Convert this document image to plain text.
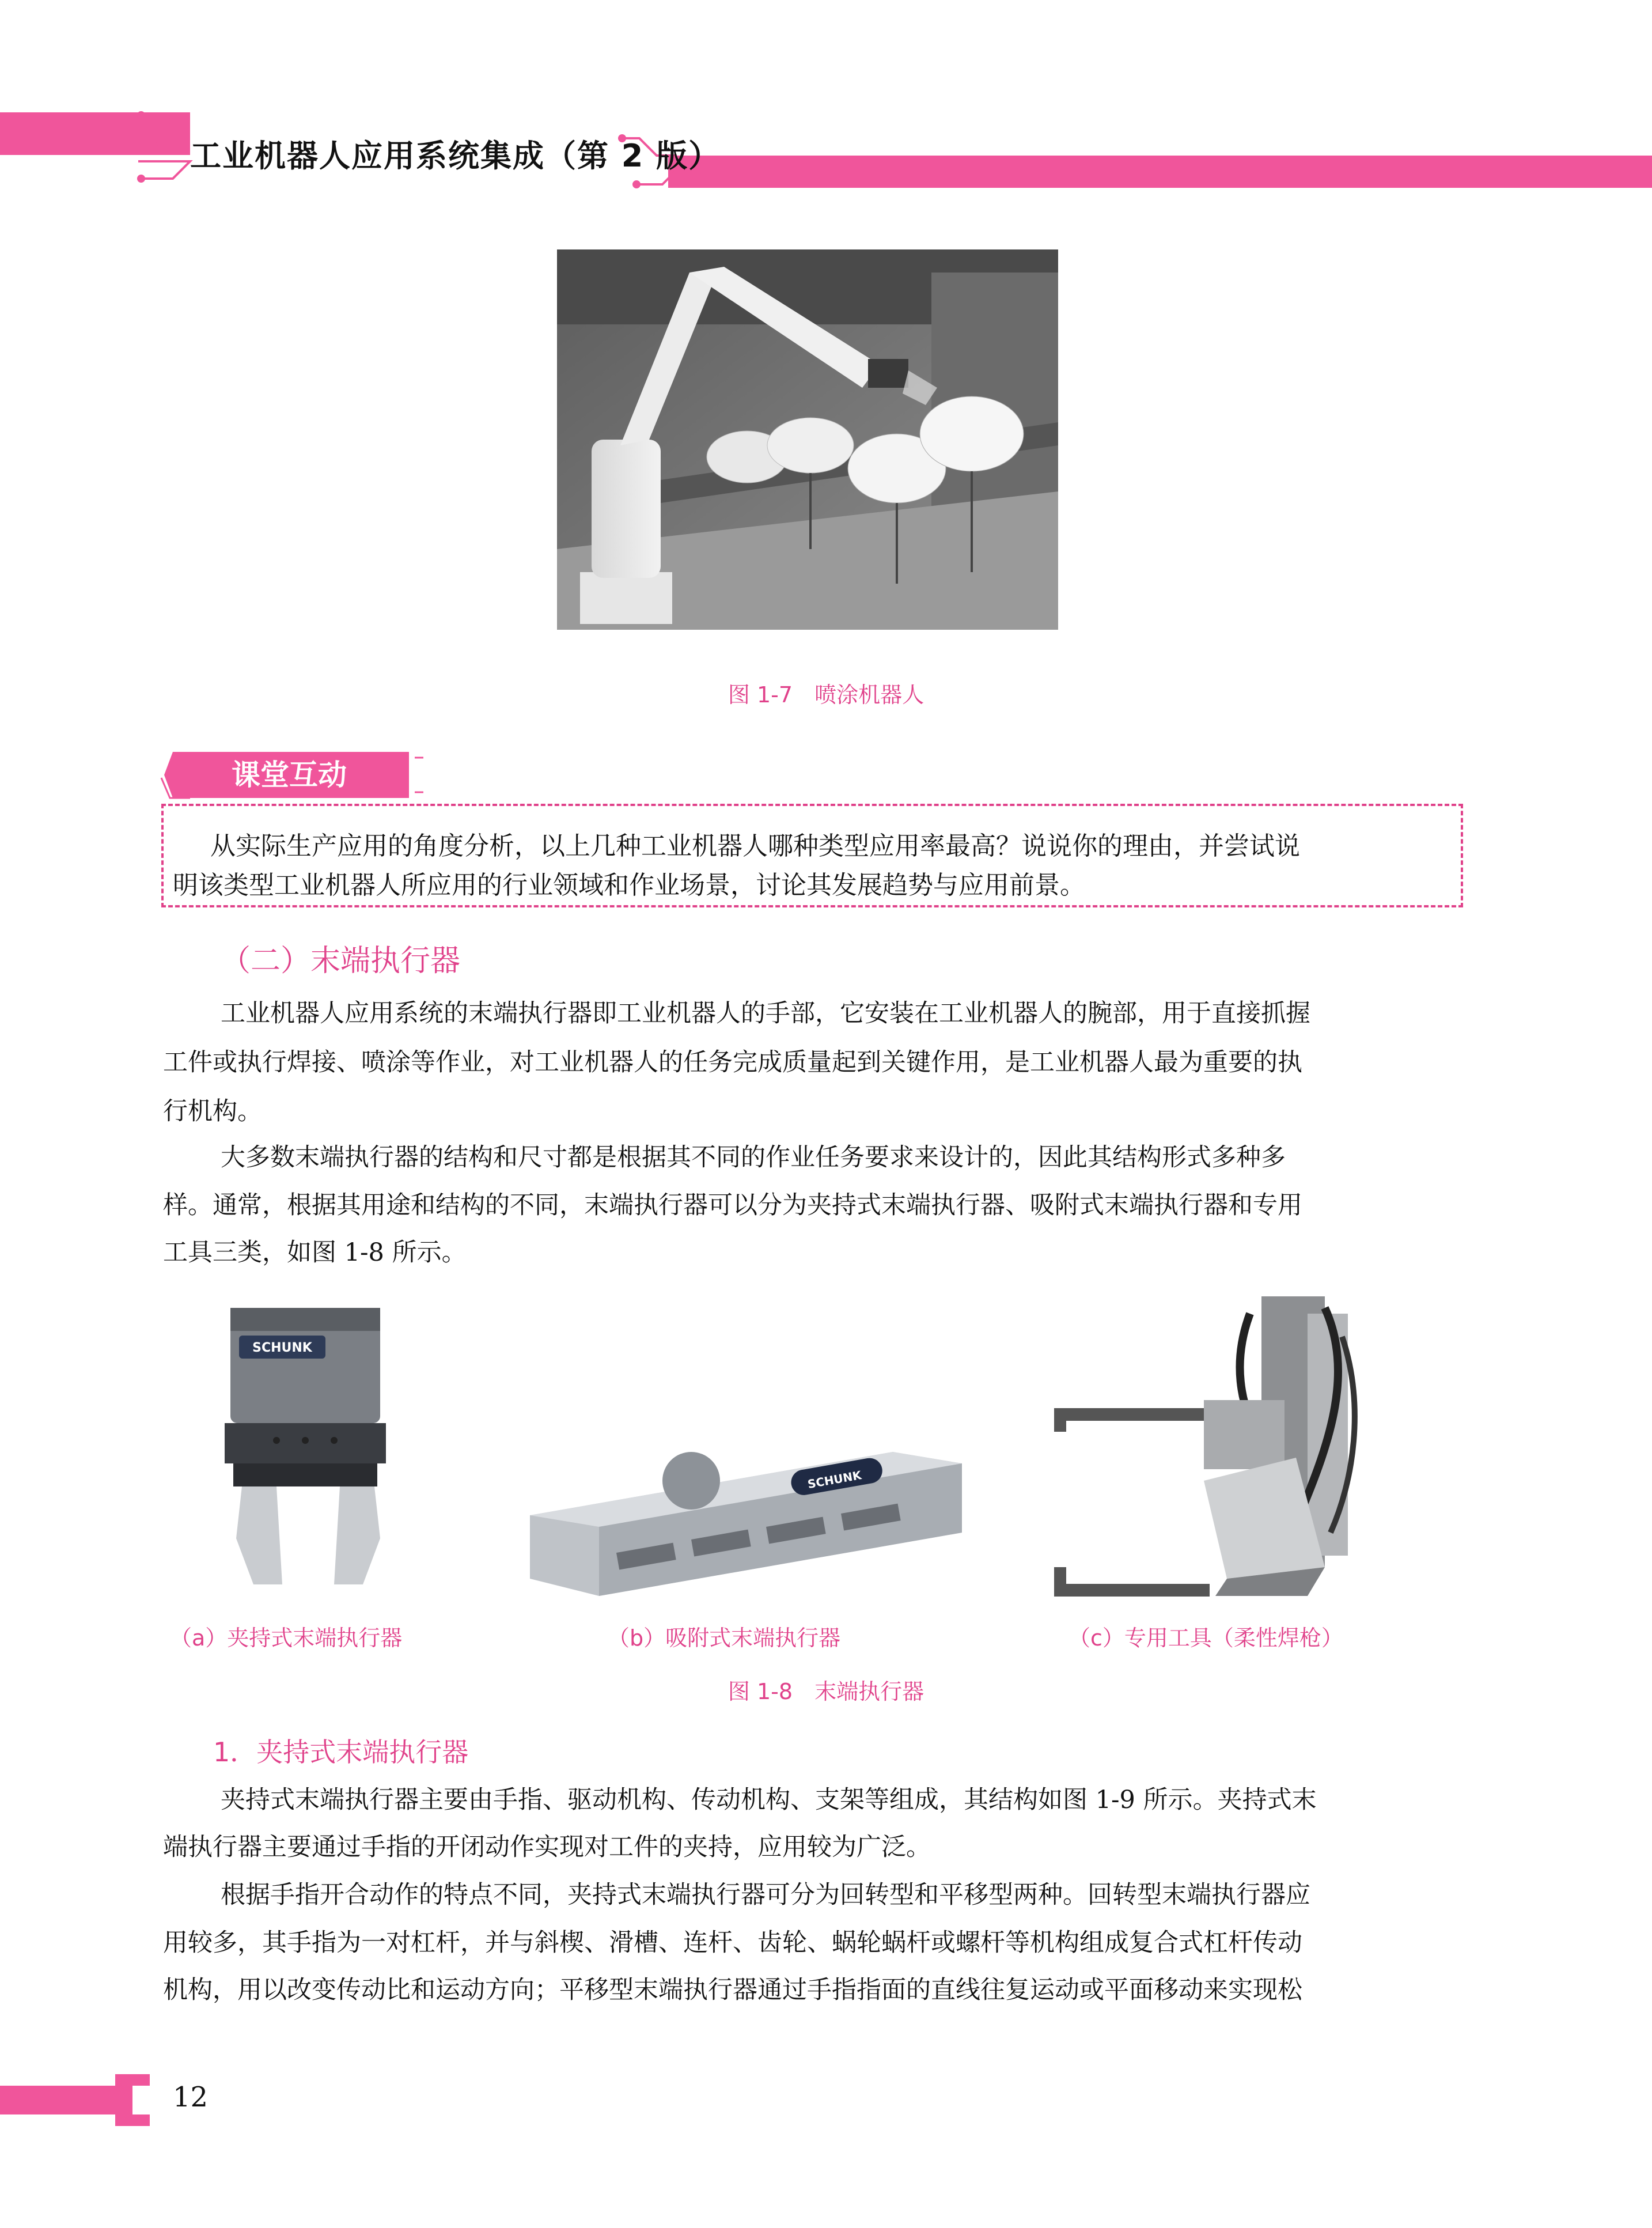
工业机器人应用系统集成（第 2 版）
图 1-7　喷涂机器人
课堂互动
从实际生产应用的角度分析，以上几种工业机器人哪种类型应用率最高？说说你的理由，并尝试说
明该类型工业机器人所应用的行业领域和作业场景，讨论其发展趋势与应用前景。
（二）末端执行器
工业机器人应用系统的末端执行器即工业机器人的手部，它安装在工业机器人的腕部，用于直接抓握
工件或执行焊接、喷涂等作业，对工业机器人的任务完成质量起到关键作用，是工业机器人最为重要的执
行机构。
大多数末端执行器的结构和尺寸都是根据其不同的作业任务要求来设计的，因此其结构形式多种多
样。通常，根据其用途和结构的不同，末端执行器可以分为夹持式末端执行器、吸附式末端执行器和专用
工具三类，如图 1-8 所示。
SCHUNK
SCHUNK
（a）夹持式末端执行器	（b）吸附式末端执行器	（c）专用工具（柔性焊枪）
图 1-8　末端执行器
1．夹持式末端执行器
夹持式末端执行器主要由手指、驱动机构、传动机构、支架等组成，其结构如图 1-9 所示。夹持式末
端执行器主要通过手指的开闭动作实现对工件的夹持，应用较为广泛。
根据手指开合动作的特点不同，夹持式末端执行器可分为回转型和平移型两种。回转型末端执行器应
用较多，其手指为一对杠杆，并与斜楔、滑槽、连杆、齿轮、蜗轮蜗杆或螺杆等机构组成复合式杠杆传动
机构，用以改变传动比和运动方向；平移型末端执行器通过手指指面的直线往复运动或平面移动来实现松
12
